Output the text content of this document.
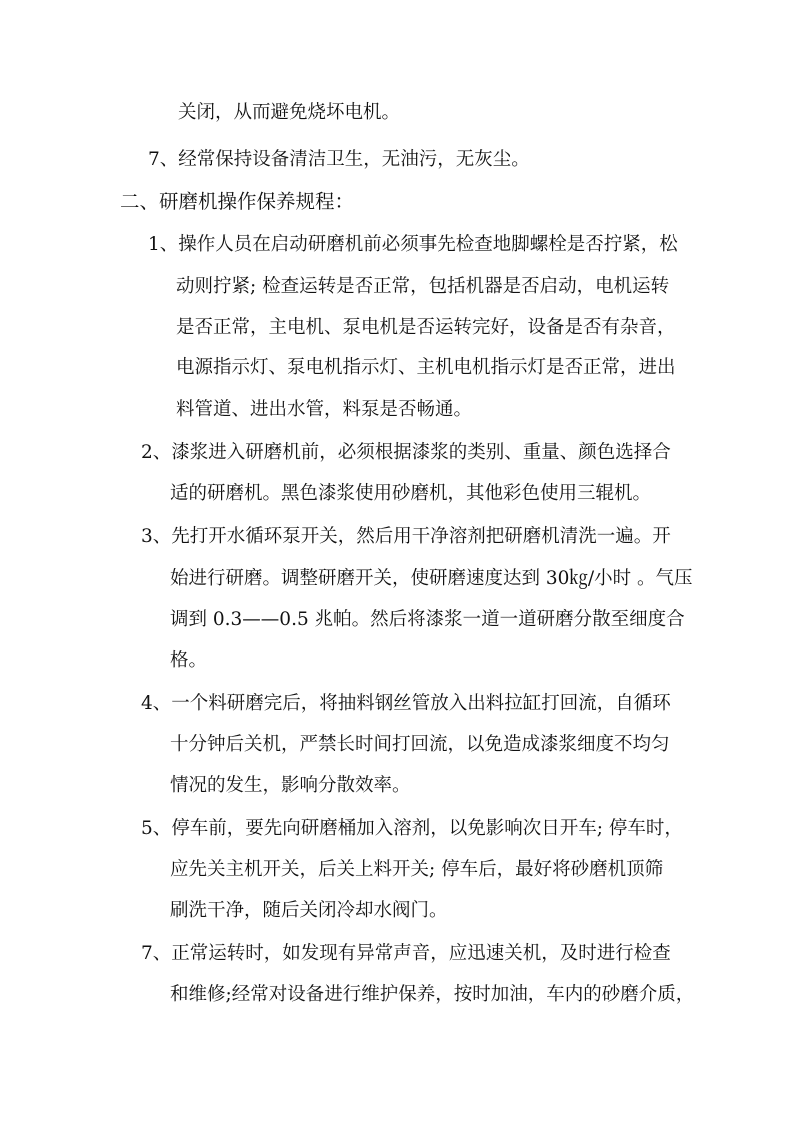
关闭，从而避免烧坏电机。

7、经常保持设备清洁卫生，无油污，无灰尘。

二、研磨机操作保养规程：

1、操作人员在启动研磨机前必须事先检查地脚螺栓是否拧紧，松

动则拧紧; 检查运转是否正常，包括机器是否启动，电机运转

是否正常，主电机、泵电机是否运转完好，设备是否有杂音，

电源指示灯、泵电机指示灯、主机电机指示灯是否正常，进出

料管道、进出水管，料泵是否畅通。

2、漆浆进入研磨机前，必须根据漆浆的类别、重量、颜色选择合

适的研磨机。黑色漆浆使用砂磨机，其他彩色使用三辊机。

3、先打开水循环泵开关，然后用干净溶剂把研磨机清洗一遍。开

始进行研磨。调整研磨开关，使研磨速度达到 30㎏/小时 。气压

调到 0.3——0.5 兆帕。然后将漆浆一道一道研磨分散至细度合

格。

4、一个料研磨完后，将抽料钢丝管放入出料拉缸打回流，自循环

十分钟后关机，严禁长时间打回流，以免造成漆浆细度不均匀

情况的发生，影响分散效率。

5、停车前，要先向研磨桶加入溶剂，以免影响次日开车; 停车时，

应先关主机开关，后关上料开关; 停车后，最好将砂磨机顶筛

刷洗干净，随后关闭冷却水阀门。

7、正常运转时，如发现有异常声音，应迅速关机，及时进行检查

和维修;经常对设备进行维护保养，按时加油，车内的砂磨介质，
